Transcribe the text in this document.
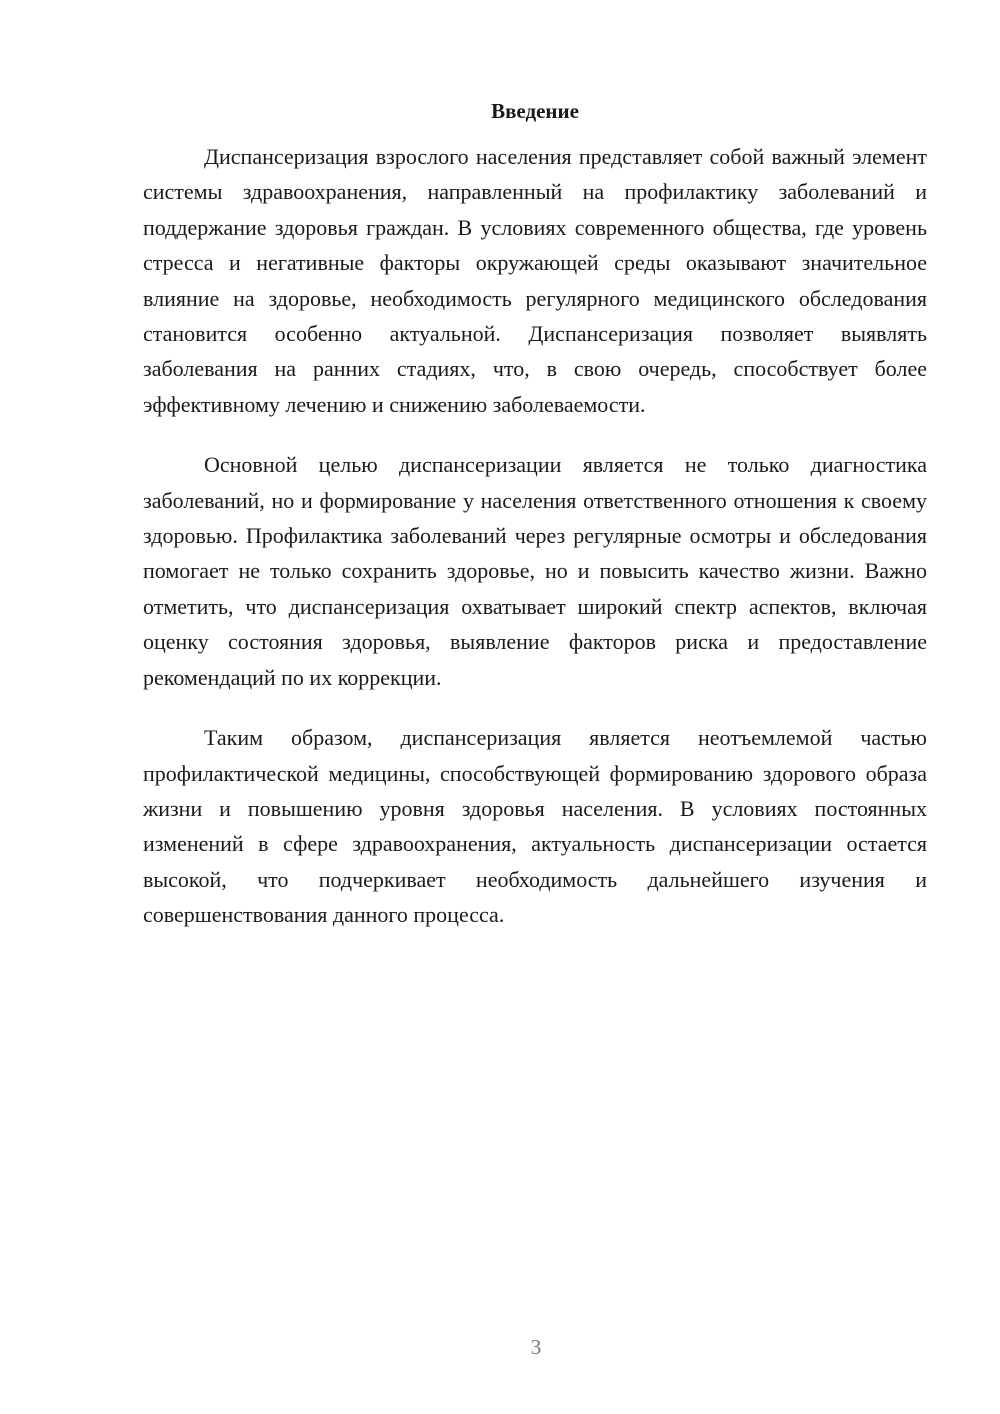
Введение

Диспансеризация взрослого населения представляет собой важный элемент системы здравоохранения, направленный на профилактику заболеваний и поддержание здоровья граждан. В условиях современного общества, где уровень стресса и негативные факторы окружающей среды оказывают значительное влияние на здоровье, необходимость регулярного медицинского обследования становится особенно актуальной. Диспансеризация позволяет выявлять заболевания на ранних стадиях, что, в свою очередь, способствует более эффективному лечению и снижению заболеваемости.

Основной целью диспансеризации является не только диагностика заболеваний, но и формирование у населения ответственного отношения к своему здоровью. Профилактика заболеваний через регулярные осмотры и обследования помогает не только сохранить здоровье, но и повысить качество жизни. Важно отметить, что диспансеризация охватывает широкий спектр аспектов, включая оценку состояния здоровья, выявление факторов риска и предоставление рекомендаций по их коррекции.

Таким образом, диспансеризация является неотъемлемой частью профилактической медицины, способствующей формированию здорового образа жизни и повышению уровня здоровья населения. В условиях постоянных изменений в сфере здравоохранения, актуальность диспансеризации остается высокой, что подчеркивает необходимость дальнейшего изучения и совершенствования данного процесса.

3
